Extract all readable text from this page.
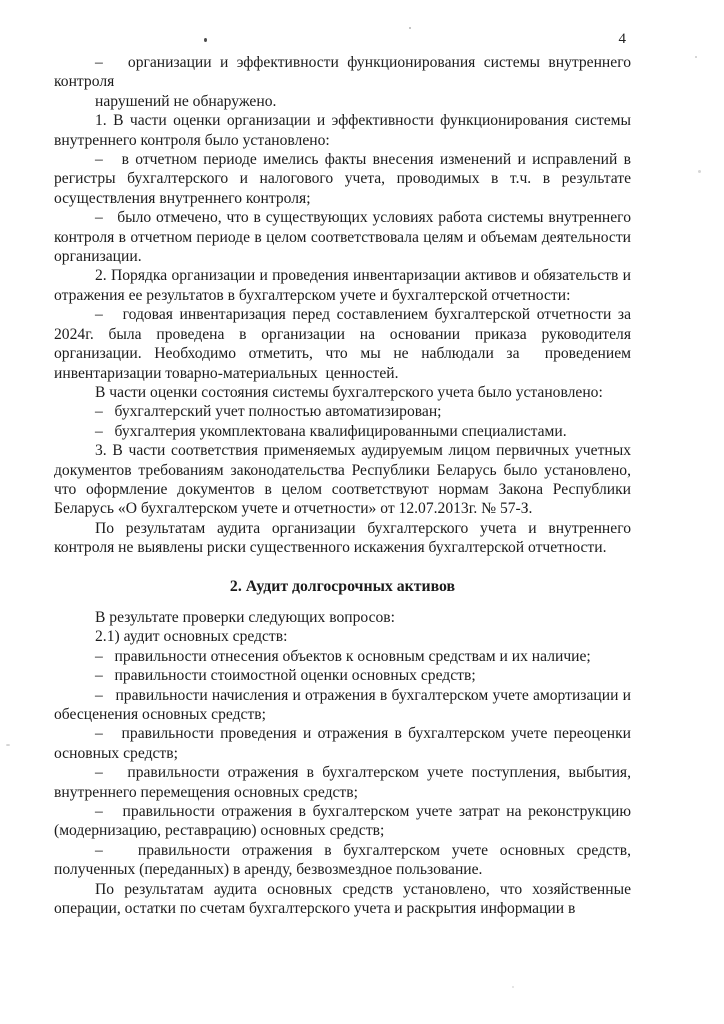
4

–   организации и эффективности функционирования системы внутреннего контроля

нарушений не обнаружено.

1. В части оценки организации и эффективности функционирования системы внутреннего контроля было установлено:

–   в отчетном периоде имелись факты внесения изменений и исправлений в регистры бухгалтерского и налогового учета, проводимых в т.ч. в результате осуществления внутреннего контроля;

–   было отмечено, что в существующих условиях работа системы внутреннего контроля в отчетном периоде в целом соответствовала целям и объемам деятельности организации.

2. Порядка организации и проведения инвентаризации активов и обязательств и отражения ее результатов в бухгалтерском учете и бухгалтерской отчетности:

–   годовая инвентаризация перед составлением бухгалтерской отчетности за 2024г. была проведена в организации на основании приказа руководителя организации. Необходимо отметить, что мы не наблюдали за  проведением инвентаризации товарно-материальных  ценностей.

В части оценки состояния системы бухгалтерского учета было установлено:

–   бухгалтерский учет полностью автоматизирован;

–   бухгалтерия укомплектована квалифицированными специалистами.

3. В части соответствия применяемых аудируемым лицом первичных учетных документов требованиям законодательства Республики Беларусь было установлено, что оформление документов в целом соответствуют нормам Закона Республики Беларусь «О бухгалтерском учете и отчетности» от 12.07.2013г. № 57-З.

По результатам аудита организации бухгалтерского учета и внутреннего контроля не выявлены риски существенного искажения бухгалтерской отчетности.

2. Аудит долгосрочных активов

В результате проверки следующих вопросов:

2.1) аудит основных средств:

–   правильности отнесения объектов к основным средствам и их наличие;

–   правильности стоимостной оценки основных средств;

–   правильности начисления и отражения в бухгалтерском учете амортизации и обесценения основных средств;

–   правильности проведения и отражения в бухгалтерском учете переоценки основных средств;

–   правильности отражения в бухгалтерском учете поступления, выбытия, внутреннего перемещения основных средств;

–   правильности отражения в бухгалтерском учете затрат на реконструкцию (модернизацию, реставрацию) основных средств;

–   правильности отражения в бухгалтерском учете основных средств, полученных (переданных) в аренду, безвозмездное пользование.

По результатам аудита основных средств установлено, что хозяйственные операции, остатки по счетам бухгалтерского учета и раскрытия информации в
